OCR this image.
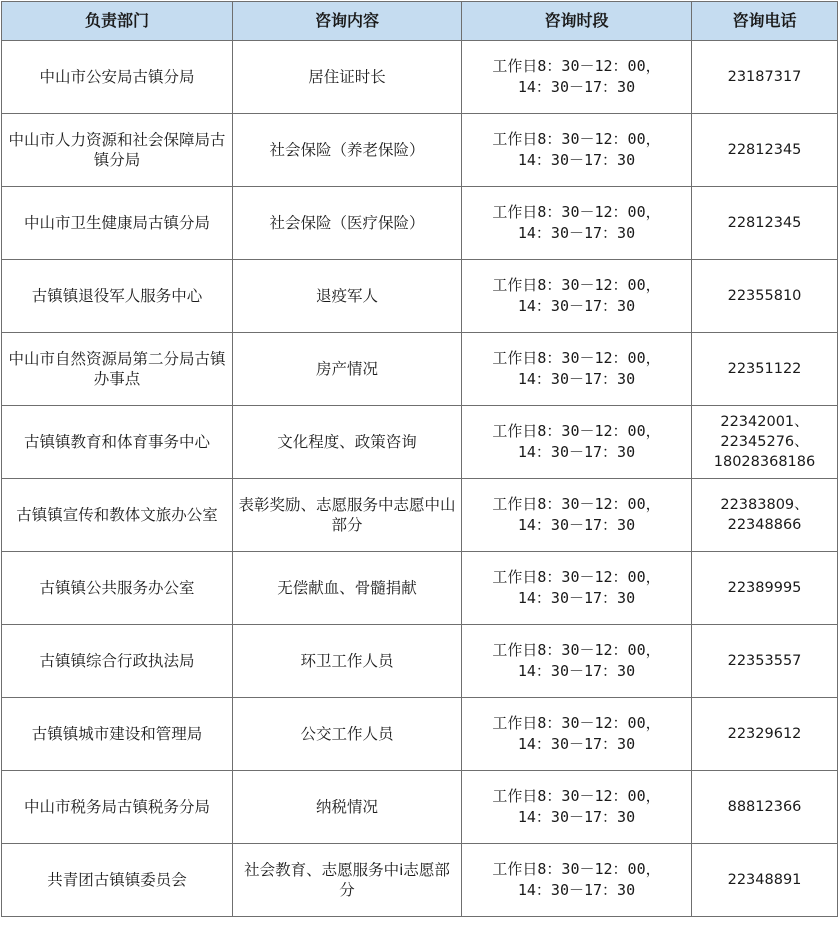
负责部门	咨询内容	咨询时段	咨询电话
中山市公安局古镇分局	居住证时长	工作日8：30－12：00，
14：30－17：30	23187317

中山市人力资源和社会保障局古镇分局	社会保险（养老保险）	工作日8：30－12：00，
14：30－17：30	22812345

中山市卫生健康局古镇分局	社会保险（医疗保险）	工作日8：30－12：00，
14：30－17：30	22812345

古镇镇退役军人服务中心	退疫军人	工作日8：30－12：00，
14：30－17：30	22355810

中山市自然资源局第二分局古镇办事点	房产情况	工作日8：30－12：00，
14：30－17：30	22351122

古镇镇教育和体育事务中心	文化程度、政策咨询	工作日8：30－12：00，
14：30－17：30	22342001、
22345276、
18028368186

古镇镇宣传和教体文旅办公室	表彰奖励、志愿服务中志愿中山部分	工作日8：30－12：00，
14：30－17：30	22383809、
22348866

古镇镇公共服务办公室	无偿献血、骨髓捐献	工作日8：30－12：00，
14：30－17：30	22389995

古镇镇综合行政执法局	环卫工作人员	工作日8：30－12：00，
14：30－17：30	22353557

古镇镇城市建设和管理局	公交工作人员	工作日8：30－12：00，
14：30－17：30	22329612

中山市税务局古镇税务分局	纳税情况	工作日8：30－12：00，
14：30－17：30	88812366

共青团古镇镇委员会	社会教育、志愿服务中i志愿部分	工作日8：30－12：00，
14：30－17：30	22348891
